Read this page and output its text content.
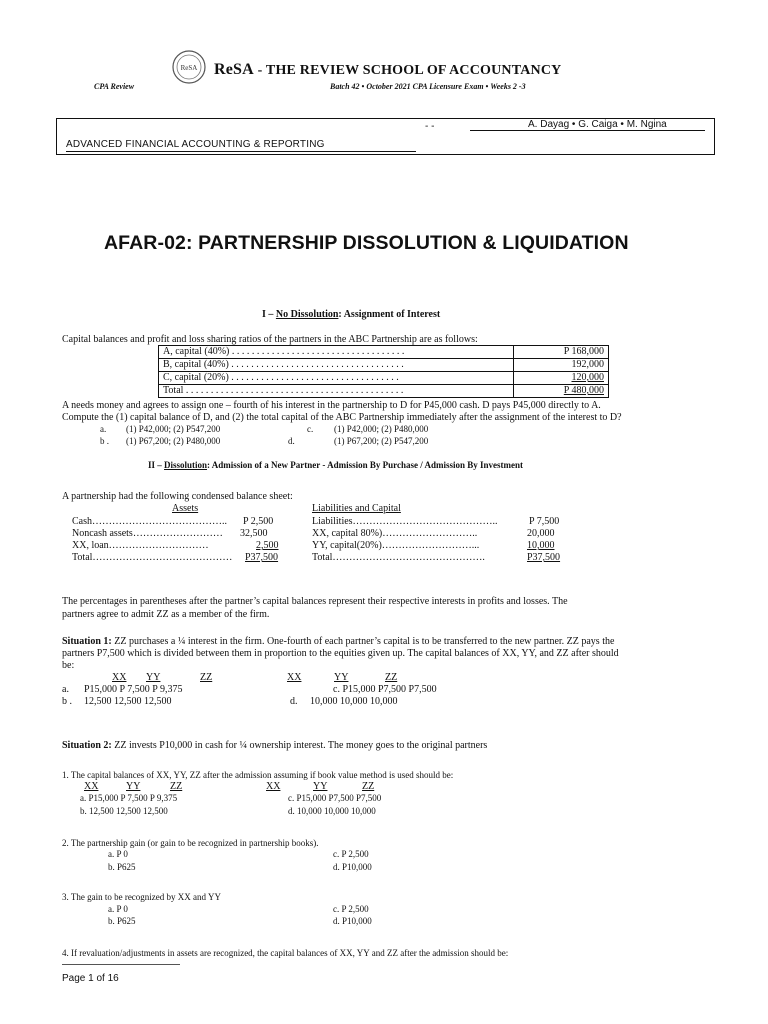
ReSA ReSA - THE REVIEW SCHOOL OF ACCOUNTANCY
CPA Review	Batch 42 • October 2021 CPA Licensure Exam • Weeks 2 -3
- -	A. Dayag • G. Caiga • M. Ngina
ADVANCED FINANCIAL ACCOUNTING & REPORTING
AFAR-02: PARTNERSHIP DISSOLUTION & LIQUIDATION
I – No Dissolution: Assignment of Interest
Capital balances and profit and loss sharing ratios of the partners in the ABC Partnership are as follows:
A, capital (40%) . . . . . . . . . . . . . . . . . . . . . . . . . . . . . . . . . . .	P 168,000
B, capital (40%) . . . . . . . . . . . . . . . . . . . . . . . . . . . . . . . . . . .	192,000
C, capital (20%) . . . . . . . . . . . . . . . . . . . . . . . . . . . . . . . . . .	120,000
Total . . . . . . . . . . . . . . . . . . . . . . . . . . . . . . . . . . . . . . . . . . . .	P 480,000
A needs money and agrees to assign one – fourth of his interest in the partnership to D for P45,000 cash. D pays P45,000 directly to A.
Compute the (1) capital balance of D, and (2) the total capital of the ABC Partnership immediately after the assignment of the interest to D?
a. (1) P42,000; (2) P547,200	c. (1) P42,000; (2) P480,000
b . (1) P67,200; (2) P480,000	d.	(1) P67,200; (2) P547,200
II – Dissolution: Admission of a New Partner - Admission By Purchase / Admission By Investment
A partnership had the following condensed balance sheet:
Assets	Liabilities and Capital
Cash………………………………….. P 2,500
Noncash assets……………………… 32,500
XX, loan…………………………	2,500
Total…………………………………… P37,500
Liabilities……………………………………..	P 7,500
XX, capital 80%)………………………..	20,000
YY, capital(20%)………………………...	10,000
Total……………………………………….	P37,500
The percentages in parentheses after the partner’s capital balances represent their respective interests in profits and losses. The
partners agree to admit ZZ as a member of the firm.
Situation 1: ZZ purchases a ¼ interest in the firm. One-fourth of each partner’s capital is to be transferred to the new partner. ZZ pays the
partners P7,500 which is divided between them in proportion to the equities given up. The capital balances of XX, YY, and ZZ after should
be:
XX YY	ZZ	XX	YY	ZZ
a. P15,000 P 7,500 P 9,375	c. P15,000 P7,500 P7,500
b . 12,500 12,500 12,500	d. 10,000 10,000 10,000
Situation 2: ZZ invests P10,000 in cash for ¼ ownership interest. The money goes to the original partners
1. The capital balances of XX, YY, ZZ after the admission assuming if book value method is used should be:
XX	YY	ZZ	XX	YY	ZZ
a. P15,000 P 7,500 P 9,375	c. P15,000 P7,500 P7,500
b. 12,500 12,500 12,500	d. 10,000 10,000 10,000
2. The partnership gain (or gain to be recognized in partnership books).
a. P 0	c. P 2,500
b. P625	d. P10,000
3. The gain to be recognized by XX and YY
a. P 0	c. P 2,500
b. P625	d. P10,000
4. If revaluation/adjustments in assets are recognized, the capital balances of XX, YY and ZZ after the admission should be:
Page 1 of 16
